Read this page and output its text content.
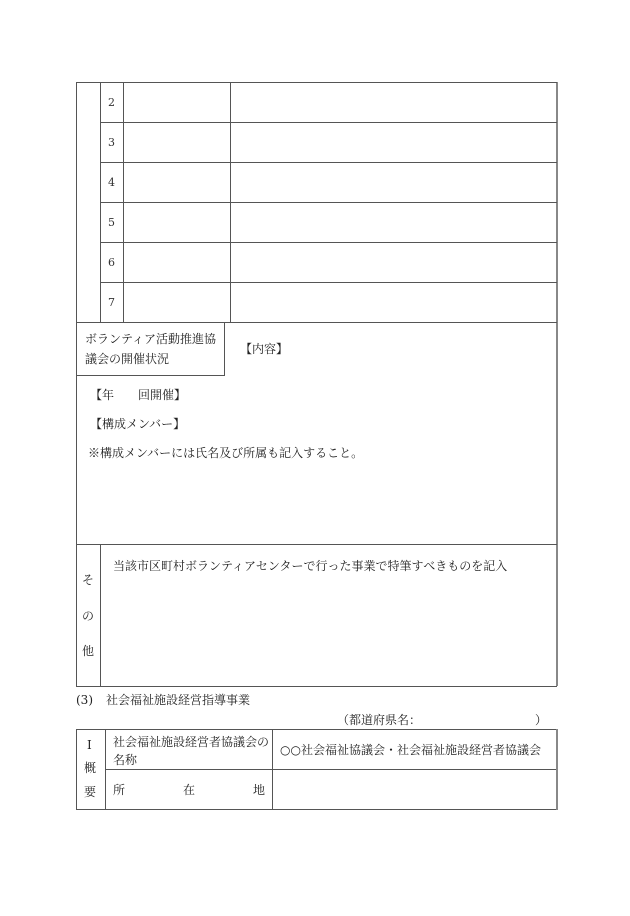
2
3
4
5
6
7
ボランティア活動推進協
議会の開催状況
【内容】
【年　　回開催】
【構成メンバー】
※構成メンバーには氏名及び所属も記入すること。
そ
の
他
当該市区町村ボランティアセンターで行った事業で特筆すべきものを記入
(3) 社会福祉施設経営指導事業
（都道府県名：　　　　　　　　　　）
Ⅰ
概
要
社会福祉施設経営者協議会の
名称
○○社会福祉協議会・社会福祉施設経営者協議会
所	在	地
